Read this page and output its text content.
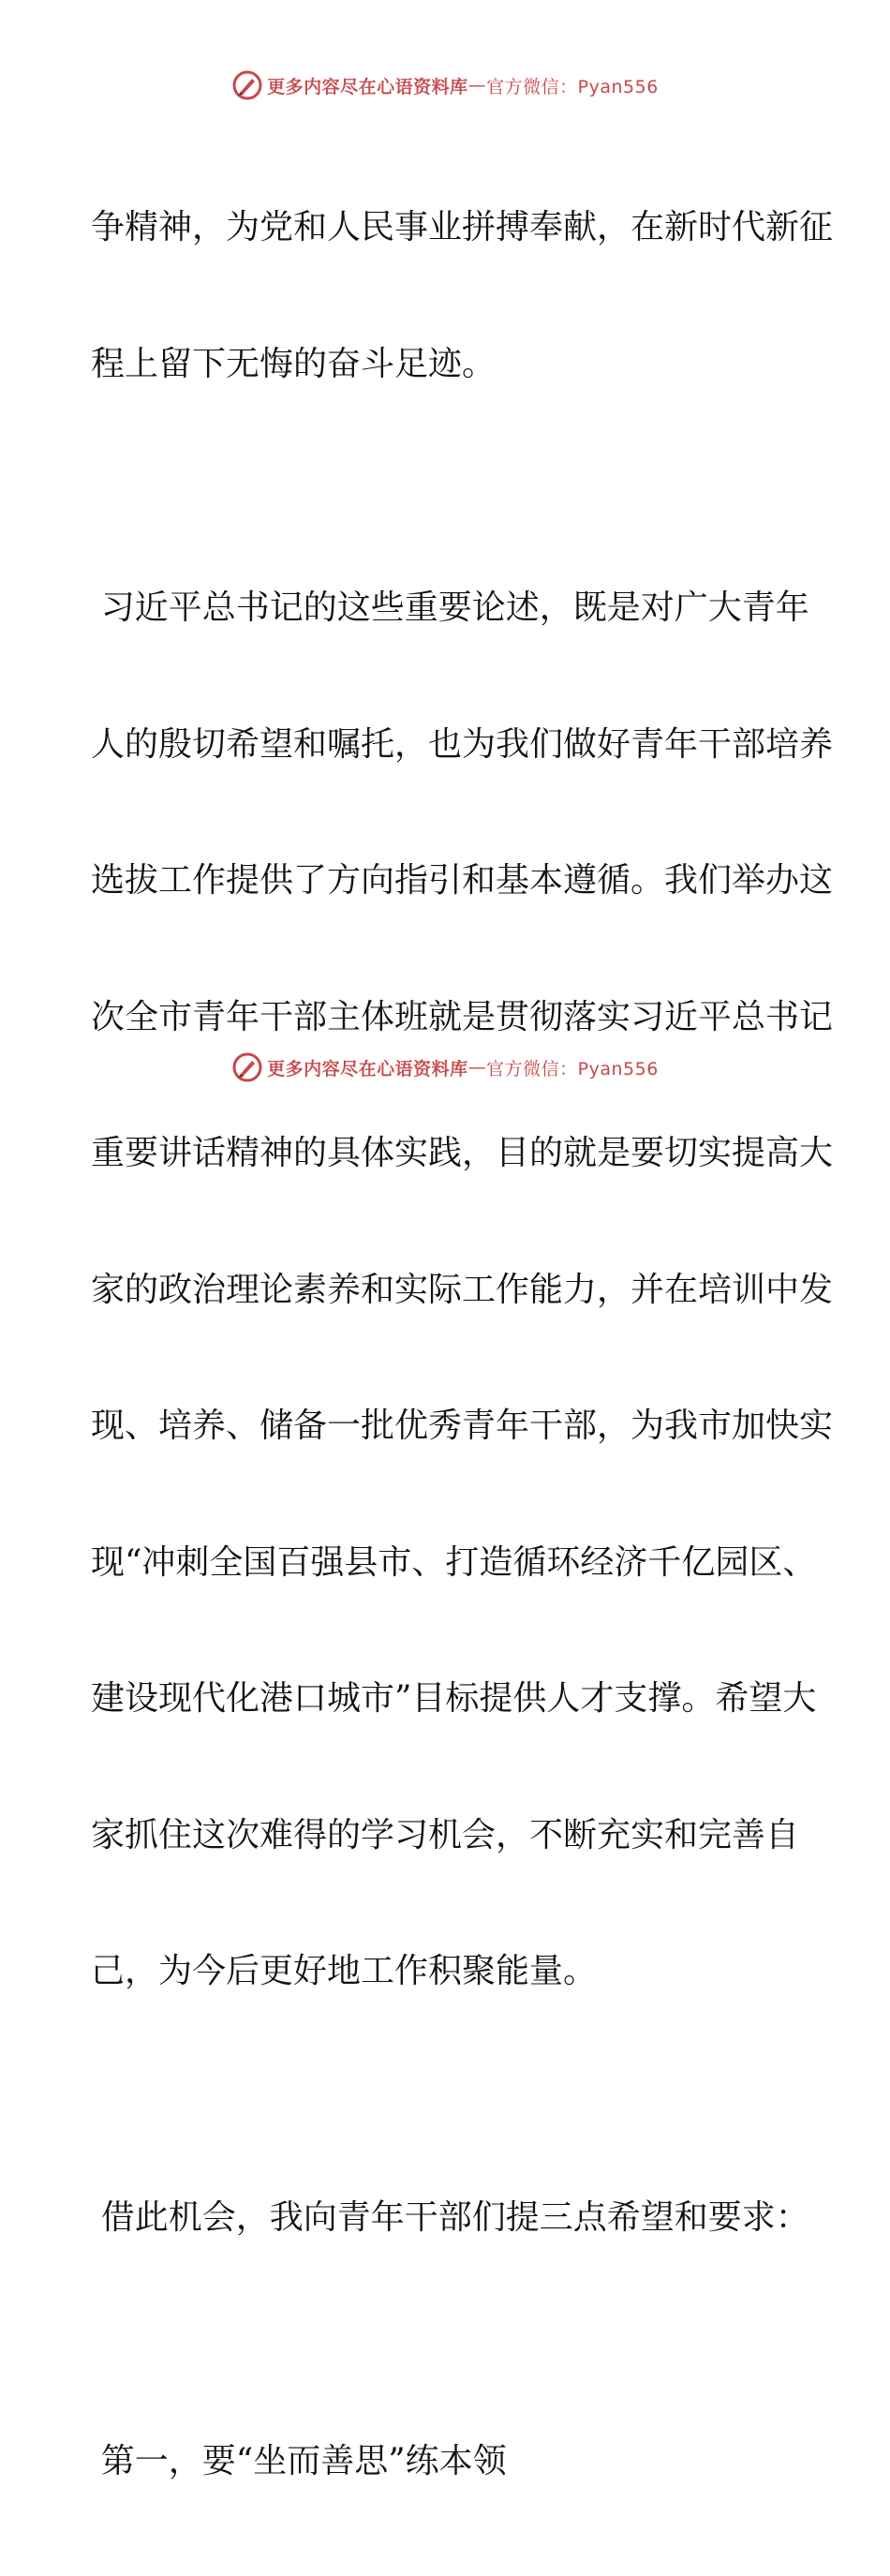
更多内容尽在心语资料库 — 官方微信：Pyan556

争精神，为党和人民事业拼搏奉献，在新时代新征

程上留下无悔的奋斗足迹。

习近平总书记的这些重要论述，既是对广大青年

人的殷切希望和嘱托，也为我们做好青年干部培养

选拔工作提供了方向指引和基本遵循。我们举办这

次全市青年干部主体班就是贯彻落实习近平总书记

重要讲话精神的具体实践，目的就是要切实提高大

家的政治理论素养和实际工作能力，并在培训中发

现、培养、储备一批优秀青年干部，为我市加快实

现“冲刺全国百强县市、打造循环经济千亿园区、

建设现代化港口城市”目标提供人才支撑。希望大

家抓住这次难得的学习机会，不断充实和完善自

己，为今后更好地工作积聚能量。

借此机会，我向青年干部们提三点希望和要求：

第一，要“坐而善思”练本领

更多内容尽在心语资料库 — 官方微信：Pyan556
